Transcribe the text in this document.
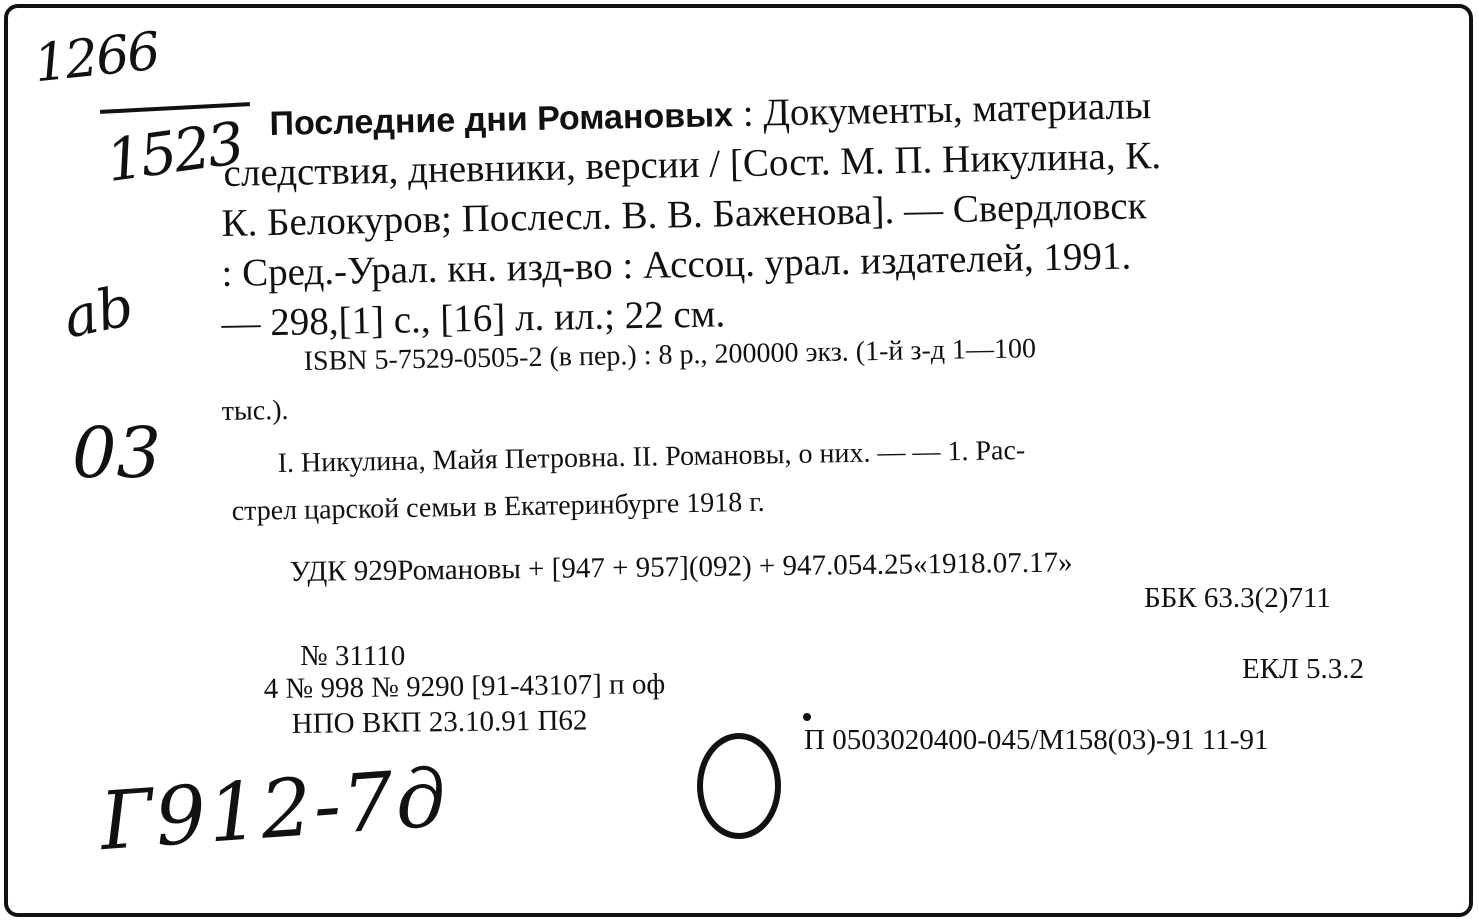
1266
1523
ab
03
Г912-7д
Последние дни Романовых : Документы, материалы
следствия, дневники, версии / [Сост. М. П. Никулина, К.
К. Белокуров; Послесл. В. В. Баженова]. — Свердловск
: Сред.-Урал. кн. изд-во : Ассоц. урал. издателей, 1991.
— 298,[1] с., [16] л. ил.; 22 см.
ISBN 5-7529-0505-2 (в пер.) : 8 р., 200000 экз. (1-й з-д 1—100
тыс.).
I. Никулина, Майя Петровна. II. Романовы, о них. — — 1. Рас-
стрел царской семьи в Екатеринбурге 1918 г.
УДК 929Романовы + [947 + 957](092) + 947.054.25«1918.07.17»
ББК 63.3(2)711
№ 31110
4 № 998 № 9290 [91-43107] п оф
НПО ВКП 23.10.91 П62
ЕКЛ 5.3.2
П 0503020400-045/М158(03)-91 11-91
